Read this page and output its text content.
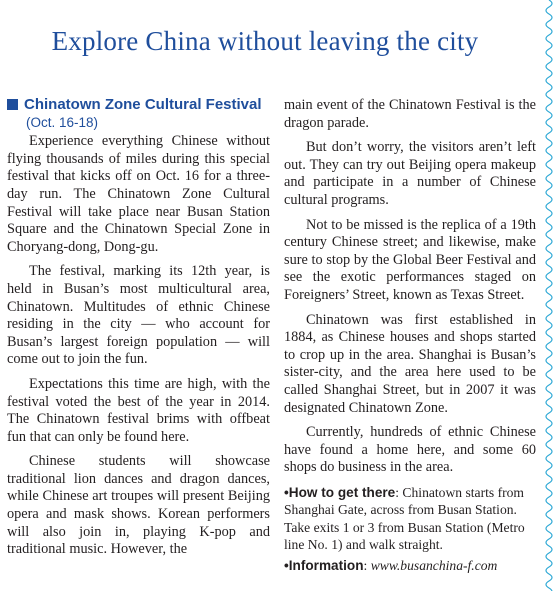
Explore China without leaving the city
Chinatown Zone Cultural Festival
(Oct. 16-18)

Experience everything Chinese without flying thousands of miles during this special festival that kicks off on Oct. 16 for a three-day run. The Chinatown Zone Cultural Festival will take place near Busan Station Square and the Chinatown Special Zone in Choryang-dong, Dong-gu.

The festival, marking its 12th year, is held in Busan’s most multicultural area, Chinatown. Multitudes of ethnic Chinese residing in the city — who account for Busan’s largest foreign population — will come out to join the fun.

Expectations this time are high, with the festival voted the best of the year in 2014. The Chinatown festival brims with offbeat fun that can only be found here.

Chinese students will showcase traditional lion dances and dragon dances, while Chinese art troupes will present Beijing opera and mask shows. Korean performers will also join in, playing K-pop and traditional music. However, the

main event of the Chinatown Festival is the dragon parade.

But don’t worry, the visitors aren’t left out. They can try out Beijing opera makeup and participate in a number of Chinese cultural programs.

Not to be missed is the replica of a 19th century Chinese street; and likewise, make sure to stop by the Global Beer Festival and see the exotic performances staged on Foreigners’ Street, known as Texas Street.

Chinatown was first established in 1884, as Chinese houses and shops started to crop up in the area. Shanghai is Busan’s sister-city, and the area here used to be called Shanghai Street, but in 2007 it was designated Chinatown Zone.

Currently, hundreds of ethnic Chinese have found a home here, and some 60 shops do business in the area.

•How to get there: Chinatown starts from Shanghai Gate, across from Busan Station. Take exits 1 or 3 from Busan Station (Metro line No. 1) and walk straight.
•Information: www.busanchina-f.com
